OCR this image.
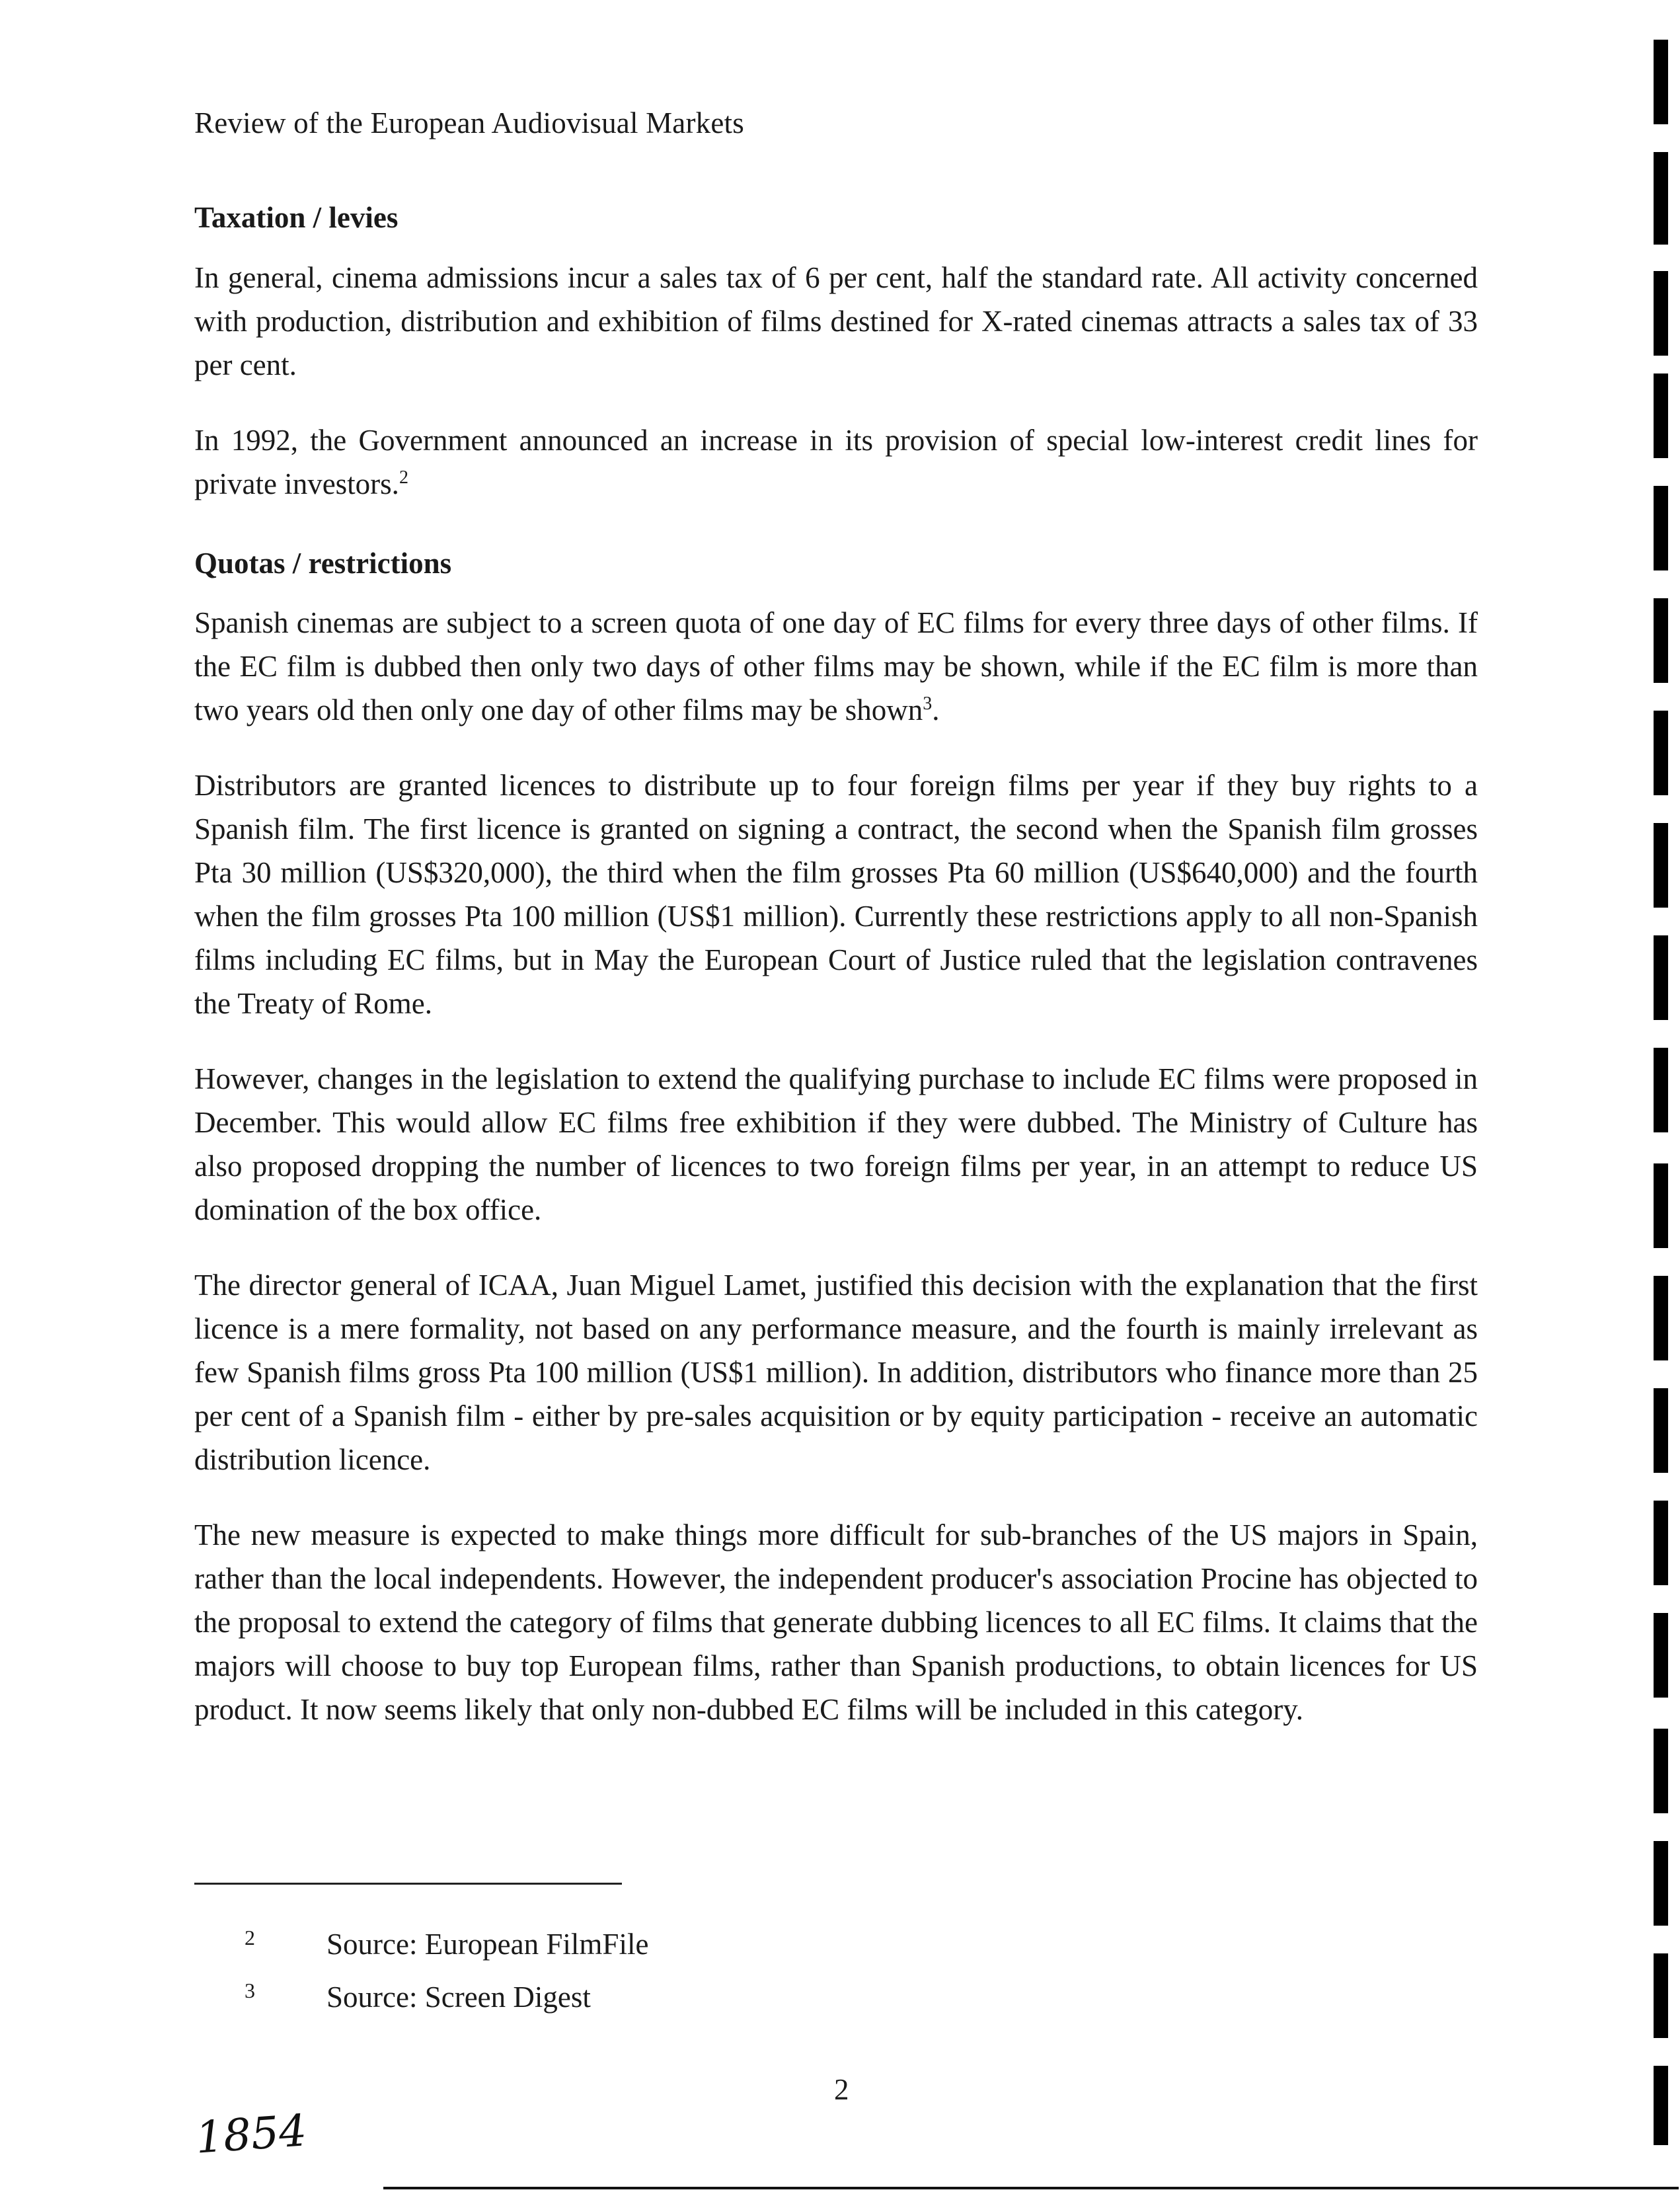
Review of the European Audiovisual Markets
Taxation / levies

In general, cinema admissions incur a sales tax of 6 per cent, half the standard rate. All activity concerned with production, distribution and exhibition of films destined for X-rated cinemas attracts a sales tax of 33 per cent.

In 1992, the Government announced an increase in its provision of special low-interest credit lines for private investors.$^2$

Quotas / restrictions

Spanish cinemas are subject to a screen quota of one day of EC films for every three days of other films. If the EC film is dubbed then only two days of other films may be shown, while if the EC film is more than two years old then only one day of other films may be shown$^3$.

Distributors are granted licences to distribute up to four foreign films per year if they buy rights to a Spanish film. The first licence is granted on signing a contract, the second when the Spanish film grosses Pta 30 million (US$320,000), the third when the film grosses Pta 60 million (US$640,000) and the fourth when the film grosses Pta 100 million (US$1 million). Currently these restrictions apply to all non-Spanish films including EC films, but in May the European Court of Justice ruled that the legislation contravenes the Treaty of Rome.

However, changes in the legislation to extend the qualifying purchase to include EC films were proposed in December. This would allow EC films free exhibition if they were dubbed. The Ministry of Culture has also proposed dropping the number of licences to two foreign films per year, in an attempt to reduce US domination of the box office.

The director general of ICAA, Juan Miguel Lamet, justified this decision with the explanation that the first licence is a mere formality, not based on any performance measure, and the fourth is mainly irrelevant as few Spanish films gross Pta 100 million (US$1 million). In addition, distributors who finance more than 25 per cent of a Spanish film - either by pre-sales acquisition or by equity participation - receive an automatic distribution licence.

The new measure is expected to make things more difficult for sub-branches of the US majors in Spain, rather than the local independents. However, the independent producer's association Procine has objected to the proposal to extend the category of films that generate dubbing licences to all EC films. It claims that the majors will choose to buy top European films, rather than Spanish productions, to obtain licences for US product. It now seems likely that only non-dubbed EC films will be included in this category.

2	Source: European FilmFile
3	Source: Screen Digest
2
1854
